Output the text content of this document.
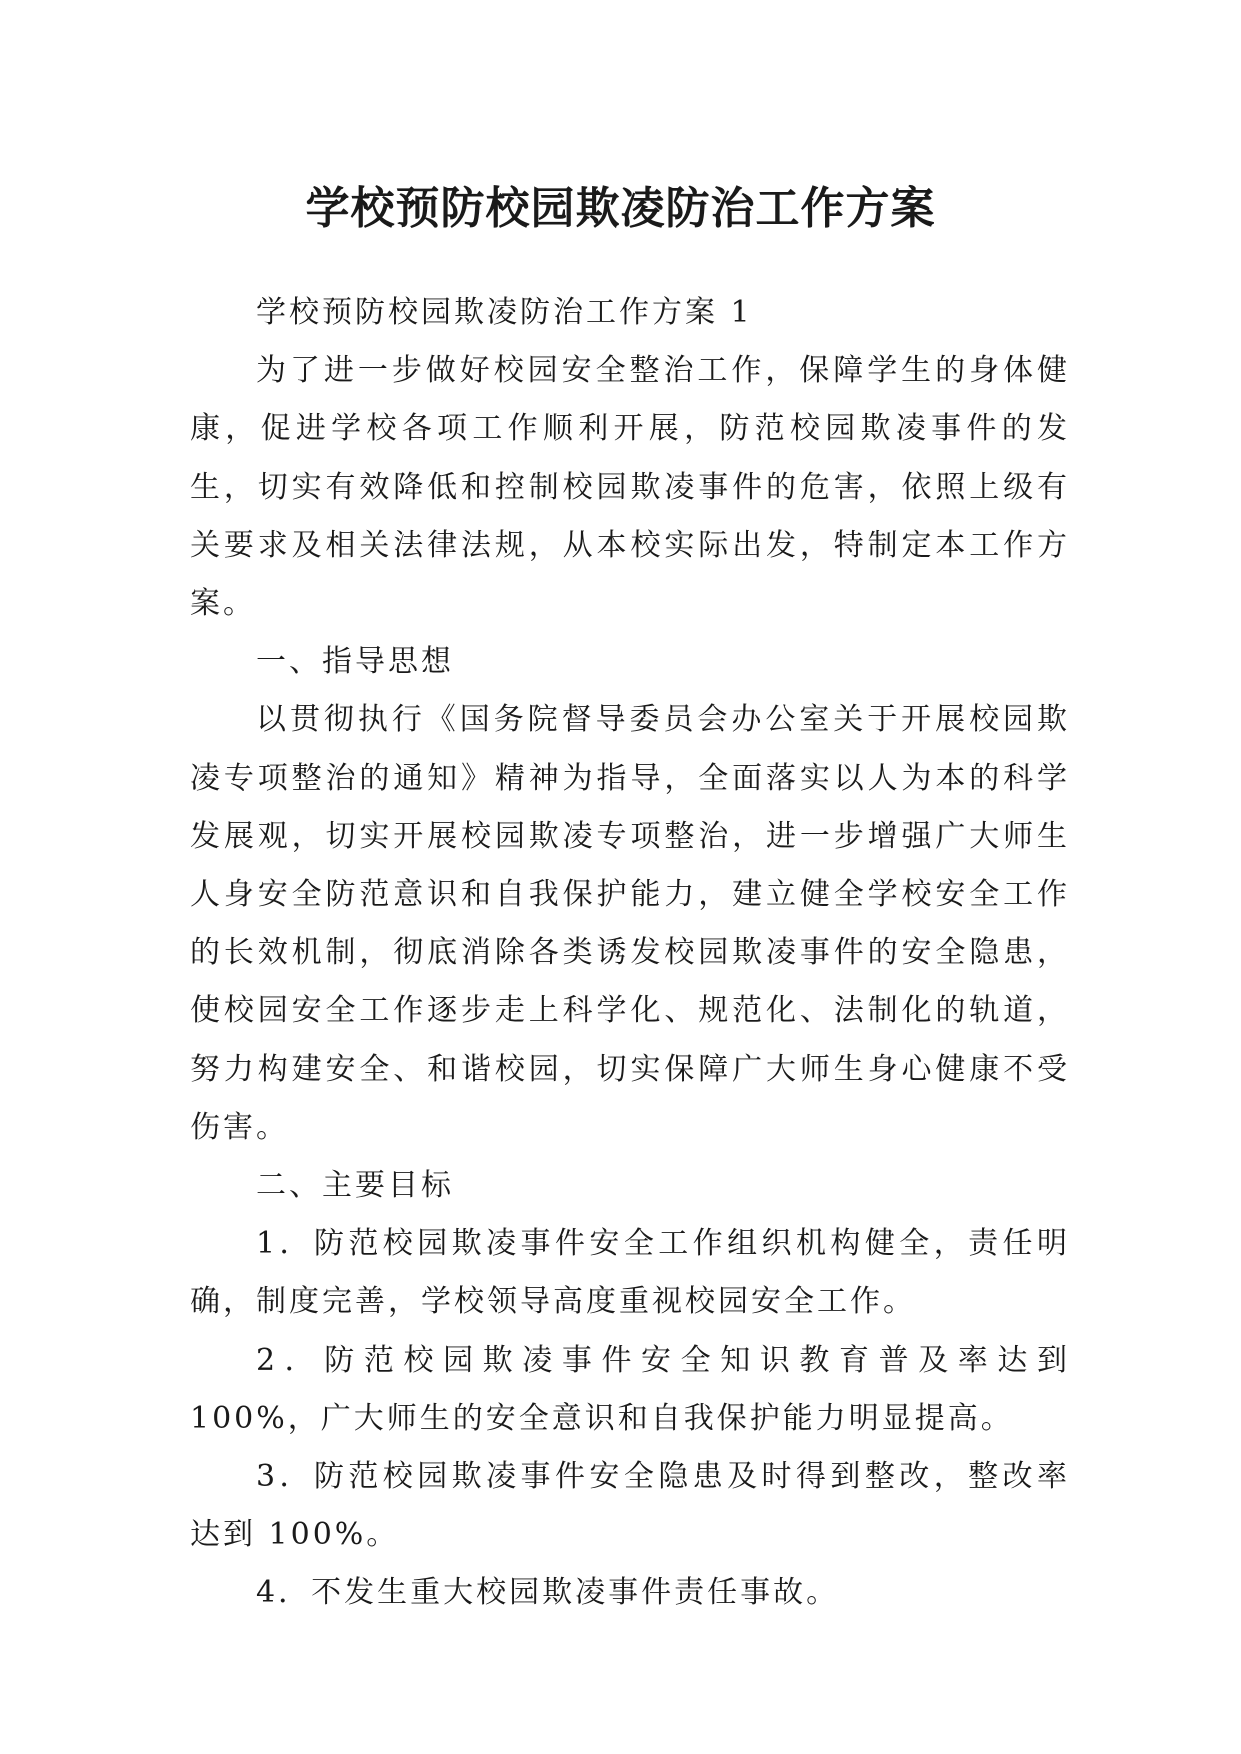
学校预防校园欺凌防治工作方案

学校预防校园欺凌防治工作方案 1

为了进一步做好校园安全整治工作，保障学生的身体健康，促进学校各项工作顺利开展，防范校园欺凌事件的发生，切实有效降低和控制校园欺凌事件的危害，依照上级有关要求及相关法律法规，从本校实际出发，特制定本工作方案。

一、指导思想

以贯彻执行《国务院督导委员会办公室关于开展校园欺凌专项整治的通知》精神为指导，全面落实以人为本的科学发展观，切实开展校园欺凌专项整治，进一步增强广大师生人身安全防范意识和自我保护能力，建立健全学校安全工作的长效机制，彻底消除各类诱发校园欺凌事件的安全隐患，使校园安全工作逐步走上科学化、规范化、法制化的轨道，努力构建安全、和谐校园，切实保障广大师生身心健康不受伤害。

二、主要目标

1．防范校园欺凌事件安全工作组织机构健全，责任明确，制度完善，学校领导高度重视校园安全工作。

2．防范校园欺凌事件安全知识教育普及率达到 100%，广大师生的安全意识和自我保护能力明显提高。

3．防范校园欺凌事件安全隐患及时得到整改，整改率达到 100%。

4．不发生重大校园欺凌事件责任事故。
